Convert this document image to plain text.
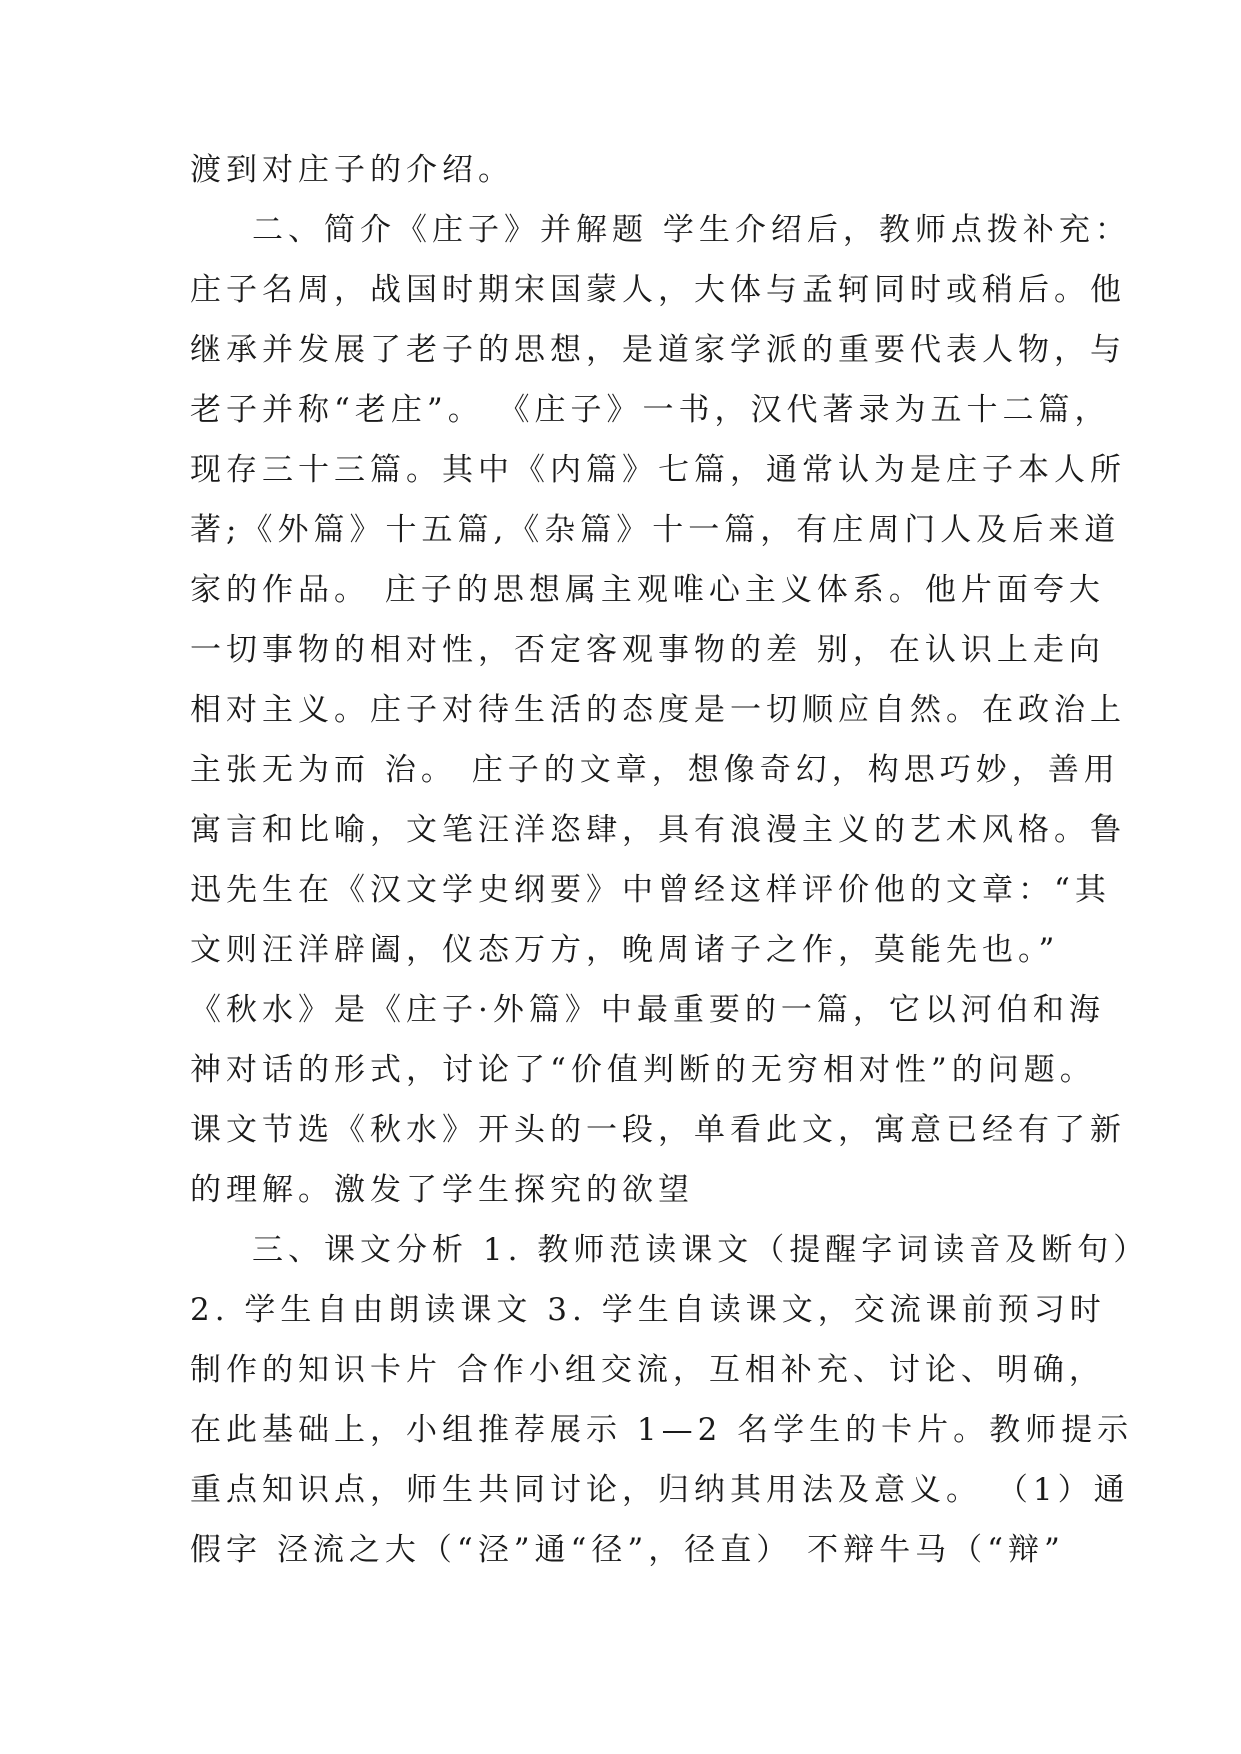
渡到对庄子的介绍。
二、简介《庄子》并解题 学生介绍后，教师点拨补充：
庄子名周，战国时期宋国蒙人，大体与孟轲同时或稍后。他
继承并发展了老子的思想，是道家学派的重要代表人物，与
老子并称“老庄”。 《庄子》一书，汉代著录为五十二篇，
现存三十三篇。其中《内篇》七篇，通常认为是庄子本人所
著;《外篇》十五篇,《杂篇》十一篇，有庄周门人及后来道
家的作品。 庄子的思想属主观唯心主义体系。他片面夸大
一切事物的相对性，否定客观事物的差 别，在认识上走向
相对主义。庄子对待生活的态度是一切顺应自然。在政治上
主张无为而 治。 庄子的文章，想像奇幻，构思巧妙，善用
寓言和比喻，文笔汪洋恣肆，具有浪漫主义的艺术风格。鲁
迅先生在《汉文学史纲要》中曾经这样评价他的文章：“其
文则汪洋辟阖，仪态万方，晚周诸子之作，莫能先也。”
《秋水》是《庄子·外篇》中最重要的一篇，它以河伯和海
神对话的形式，讨论了“价值判断的无穷相对性”的问题。
课文节选《秋水》开头的一段，单看此文，寓意已经有了新
的理解。激发了学生探究的欲望
三、课文分析 1. 教师范读课文（提醒字词读音及断句）
2. 学生自由朗读课文 3. 学生自读课文，交流课前预习时
制作的知识卡片 合作小组交流，互相补充、讨论、明确，
在此基础上，小组推荐展示 1—2 名学生的卡片。教师提示
重点知识点，师生共同讨论，归纳其用法及意义。 （1）通
假字 泾流之大（“泾”通“径”，径直） 不辩牛马（“辩”
